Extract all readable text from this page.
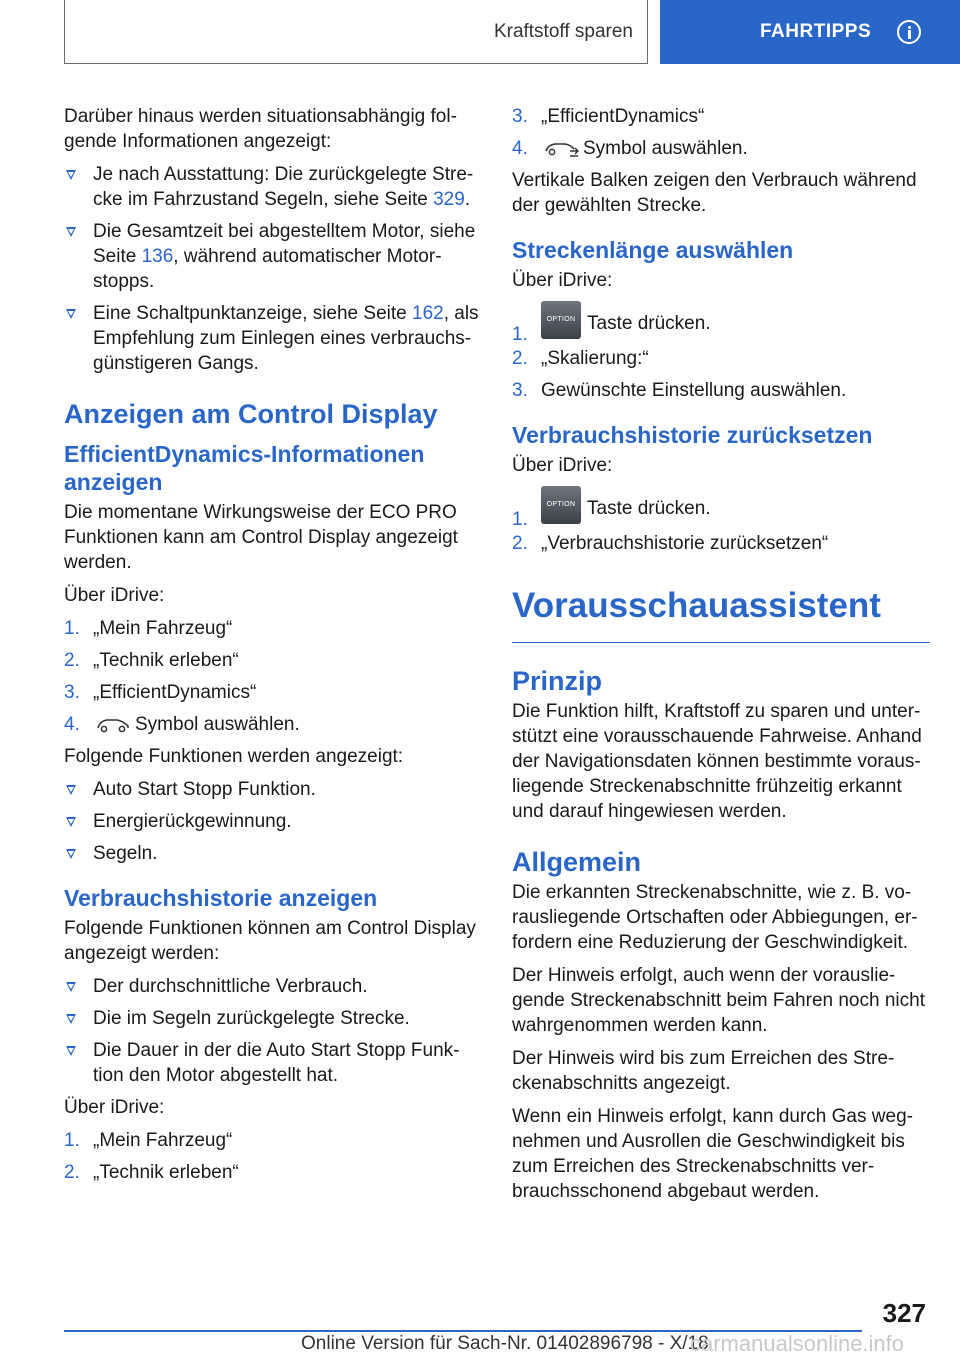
Kraftstoff sparen	FAHRTIPPS

Darüber hinaus werden situationsabhängig folgende Informationen angezeigt:

Je nach Ausstattung: Die zurückgelegte Strecke im Fahrzustand Segeln, siehe Seite 329.
Die Gesamtzeit bei abgestelltem Motor, siehe Seite 136, während automatischer Motorstopps.
Eine Schaltpunktanzeige, siehe Seite 162, als Empfehlung zum Einlegen eines verbrauchsgünstigeren Gangs.
Anzeigen am Control Display
EfficientDynamics-Informationen anzeigen

Die momentane Wirkungsweise der ECO PRO Funktionen kann am Control Display angezeigt werden.

Über iDrive:

1. „Mein Fahrzeug“
2. „Technik erleben“
3. „EfficientDynamics“
4.	Symbol auswählen.

Folgende Funktionen werden angezeigt:

Auto Start Stopp Funktion.
Energierückgewinnung.
Segeln.
Verbrauchshistorie anzeigen

Folgende Funktionen können am Control Display angezeigt werden:

Der durchschnittliche Verbrauch.
Die im Segeln zurückgelegte Strecke.
Die Dauer in der die Auto Start Stopp Funktion den Motor abgestellt hat.

Über iDrive:

1. „Mein Fahrzeug“
2. „Technik erleben“
3. „EfficientDynamics“
4.	Symbol auswählen.

Vertikale Balken zeigen den Verbrauch während der gewählten Strecke.

Streckenlänge auswählen

Über iDrive:

1.
OPTION Taste drücken.
2. „Skalierung:“
3. Gewünschte Einstellung auswählen.
Verbrauchshistorie zurücksetzen

Über iDrive:

1.
OPTION Taste drücken.
2. „Verbrauchshistorie zurücksetzen“
Vorausschauassistent
Prinzip

Die Funktion hilft, Kraftstoff zu sparen und unterstützt eine vorausschauende Fahrweise. Anhand der Navigationsdaten können bestimmte vorausliegende Streckenabschnitte frühzeitig erkannt und darauf hingewiesen werden.

Allgemein

Die erkannten Streckenabschnitte, wie z. B. vorausliegende Ortschaften oder Abbiegungen, erfordern eine Reduzierung der Geschwindigkeit.

Der Hinweis erfolgt, auch wenn der vorausliegende Streckenabschnitt beim Fahren noch nicht wahrgenommen werden kann.

Der Hinweis wird bis zum Erreichen des Streckenabschnitts angezeigt.

Wenn ein Hinweis erfolgt, kann durch Gas wegnehmen und Ausrollen die Geschwindigkeit bis zum Erreichen des Streckenabschnitts verbrauchsschonend abgebaut werden.

327
Online Version für Sach-Nr. 01402896798 - X/18
carmanualsonline.info
